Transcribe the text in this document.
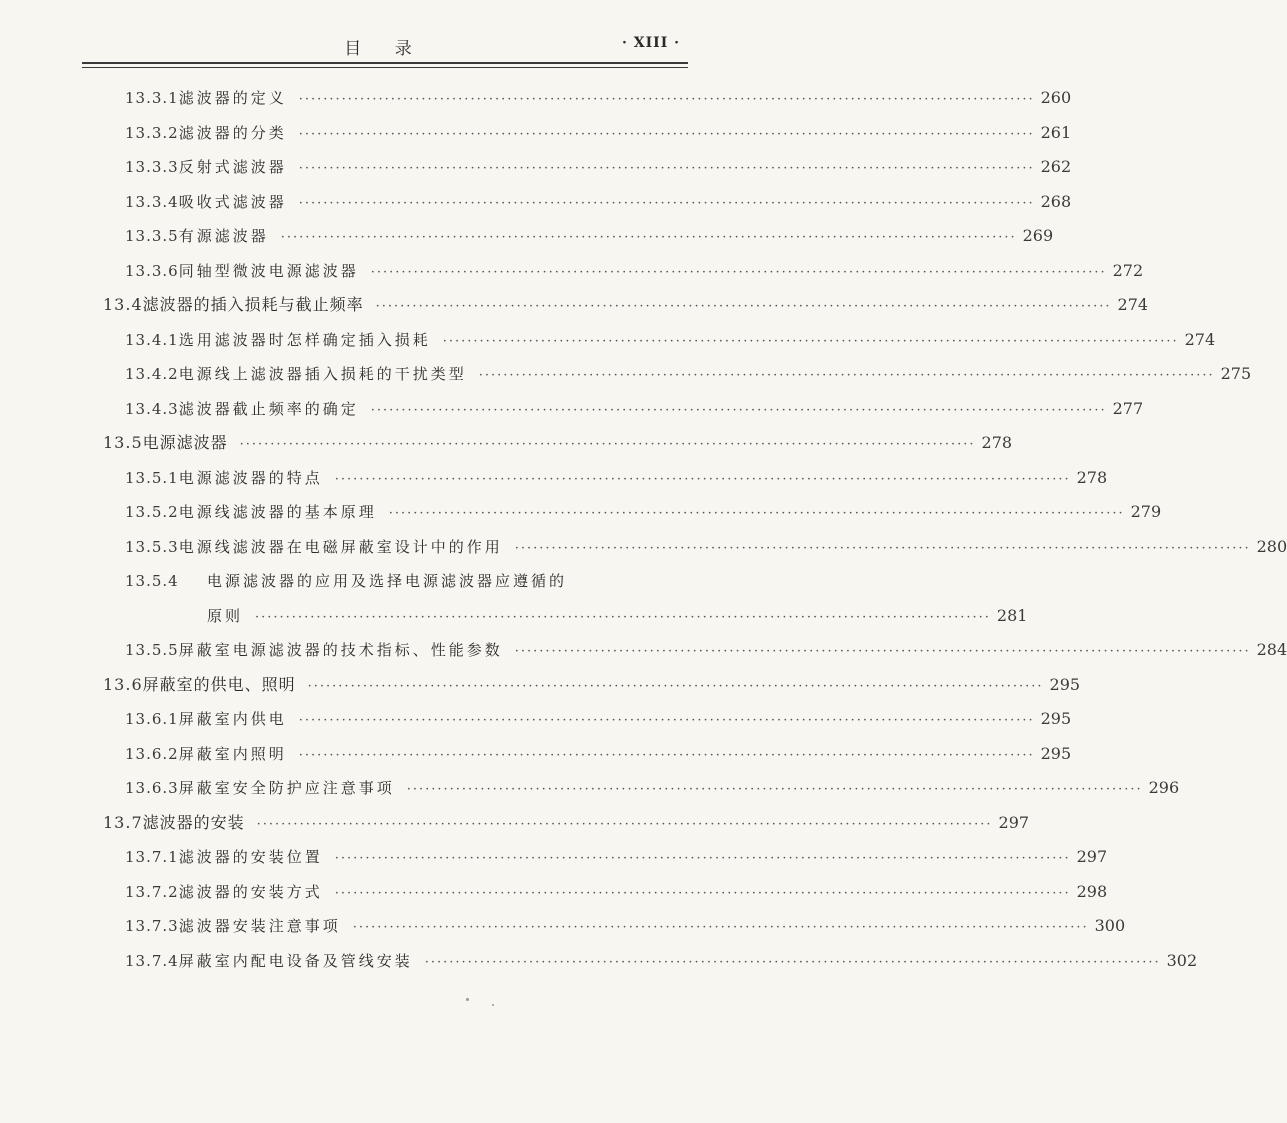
目 录	· XIII ·
13.3.1 滤波器的定义 ························································································································ 260
13.3.2 滤波器的分类 ························································································································ 261
13.3.3 反射式滤波器 ························································································································ 262
13.3.4 吸收式滤波器 ························································································································ 268
13.3.5 有源滤波器 ························································································································ 269
13.3.6 同轴型微波电源滤波器 ························································································································ 272
13.4 滤波器的插入损耗与截止频率 ························································································································ 274
13.4.1 选用滤波器时怎样确定插入损耗 ························································································································ 274
13.4.2 电源线上滤波器插入损耗的干扰类型 ························································································································ 275
13.4.3 滤波器截止频率的确定 ························································································································ 277
13.5 电源滤波器 ························································································································ 278
13.5.1 电源滤波器的特点 ························································································································ 278
13.5.2 电源线滤波器的基本原理 ························································································································ 279
13.5.3 电源线滤波器在电磁屏蔽室设计中的作用 ························································································································ 280
13.5.4	电源滤波器的应用及选择电源滤波器应遵循的
原则 ························································································································ 281
13.5.5 屏蔽室电源滤波器的技术指标、性能参数 ························································································································ 284
13.6 屏蔽室的供电、照明 ························································································································ 295
13.6.1 屏蔽室内供电 ························································································································ 295
13.6.2 屏蔽室内照明 ························································································································ 295
13.6.3 屏蔽室安全防护应注意事项 ························································································································ 296
13.7 滤波器的安装 ························································································································ 297
13.7.1 滤波器的安装位置 ························································································································ 297
13.7.2 滤波器的安装方式 ························································································································ 298
13.7.3 滤波器安装注意事项 ························································································································ 300
13.7.4 屏蔽室内配电设备及管线安装 ························································································································ 302
